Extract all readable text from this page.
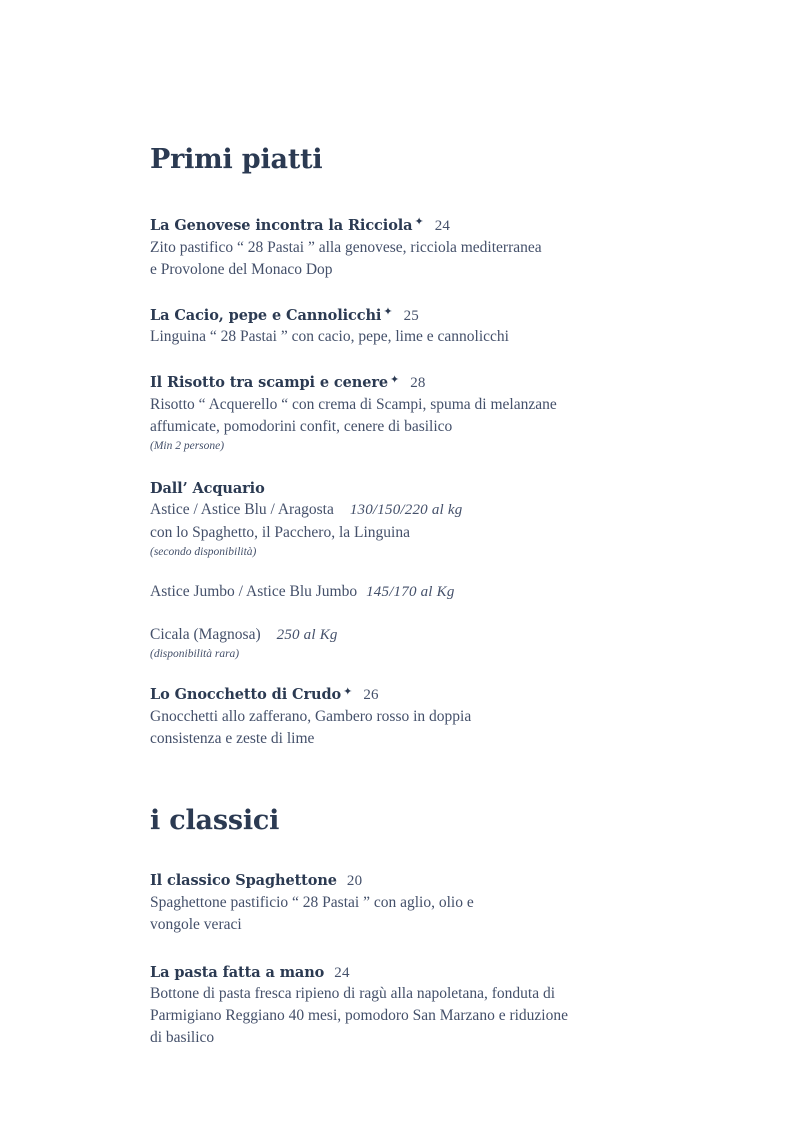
Primi piatti
La Genovese incontra la Ricciola ✦ 24
Zito pastifico “ 28 Pastai ” alla genovese, ricciola mediterranea
e Provolone del Monaco Dop
La Cacio, pepe e Cannolicchi ✦ 25
Linguina “ 28 Pastai ” con cacio, pepe, lime e cannolicchi
Il Risotto tra scampi e cenere ✦ 28
Risotto “ Acquerello “ con crema di Scampi, spuma di melanzane
affumicate, pomodorini confit, cenere di basilico
(Min 2 persone)
Dall’ Acquario
Astice / Astice Blu / Aragosta 130/150/220 al kg
con lo Spaghetto, il Pacchero, la Linguina
(secondo disponibilità)
Astice Jumbo / Astice Blu Jumbo 145/170 al Kg
Cicala (Magnosa) 250 al Kg
(disponibilità rara)
Lo Gnocchetto di Crudo ✦ 26
Gnocchetti allo zafferano, Gambero rosso in doppia
consistenza e zeste di lime
i classici
Il classico Spaghettone 20
Spaghettone pastificio “ 28 Pastai ” con aglio, olio e
vongole veraci
La pasta fatta a mano 24
Bottone di pasta fresca ripieno di ragù alla napoletana, fonduta di
Parmigiano Reggiano 40 mesi, pomodoro San Marzano e riduzione
di basilico
